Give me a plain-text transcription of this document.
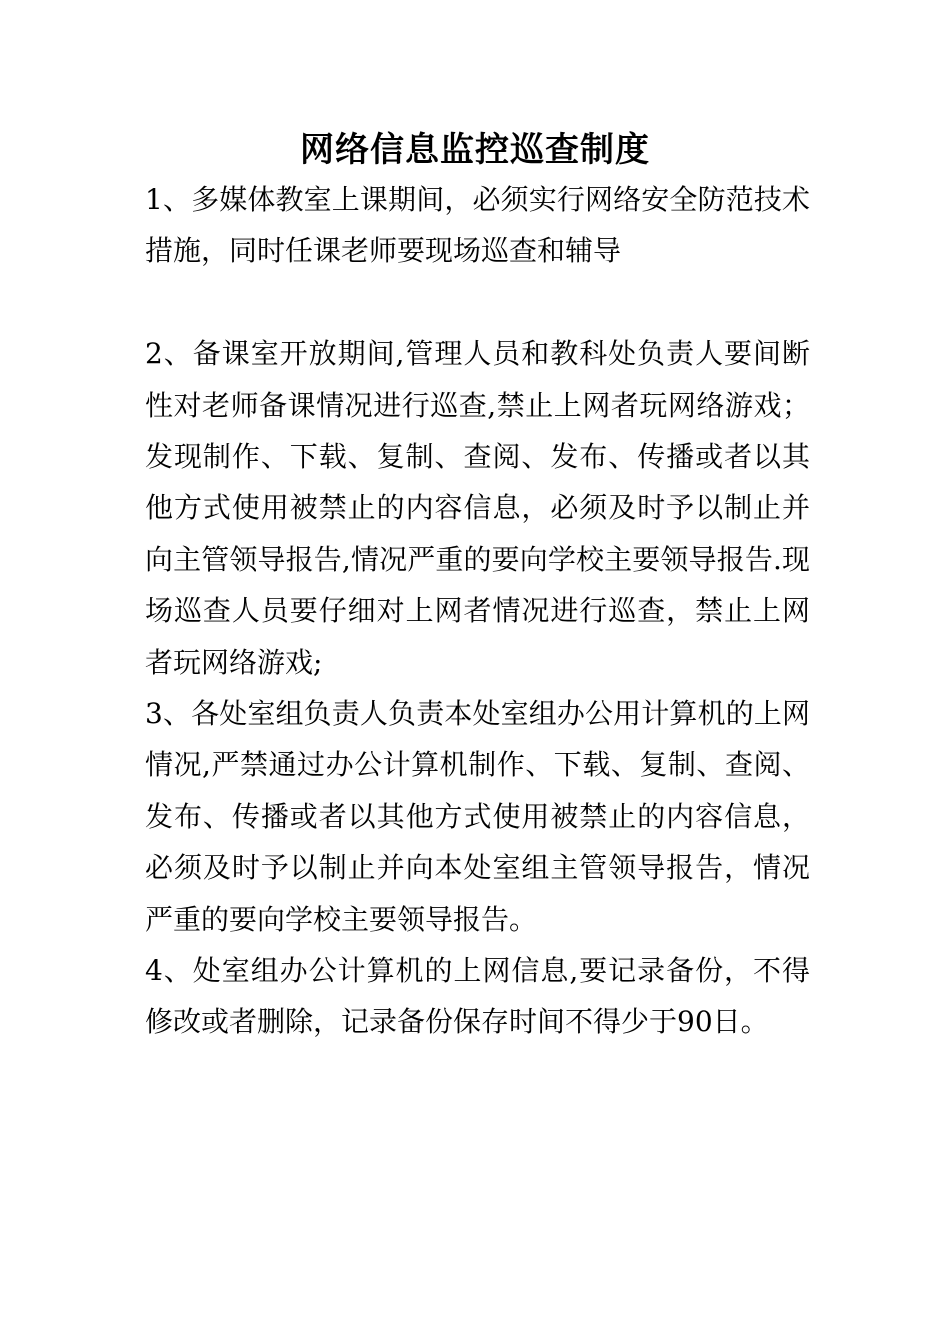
网络信息监控巡查制度

1、多媒体教室上课期间，必须实行网络安全防范技术措施，同时任课老师要现场巡查和辅导

2、备课室开放期间,管理人员和教科处负责人要间断性对老师备课情况进行巡查,禁止上网者玩网络游戏；发现制作、下载、复制、查阅、发布、传播或者以其他方式使用被禁止的内容信息，必须及时予以制止并向主管领导报告,情况严重的要向学校主要领导报告.现场巡查人员要仔细对上网者情况进行巡查，禁止上网者玩网络游戏;

3、各处室组负责人负责本处室组办公用计算机的上网情况,严禁通过办公计算机制作、下载、复制、查阅、发布、传播或者以其他方式使用被禁止的内容信息，必须及时予以制止并向本处室组主管领导报告，情况严重的要向学校主要领导报告。

4、处室组办公计算机的上网信息,要记录备份，不得修改或者删除，记录备份保存时间不得少于90日。
